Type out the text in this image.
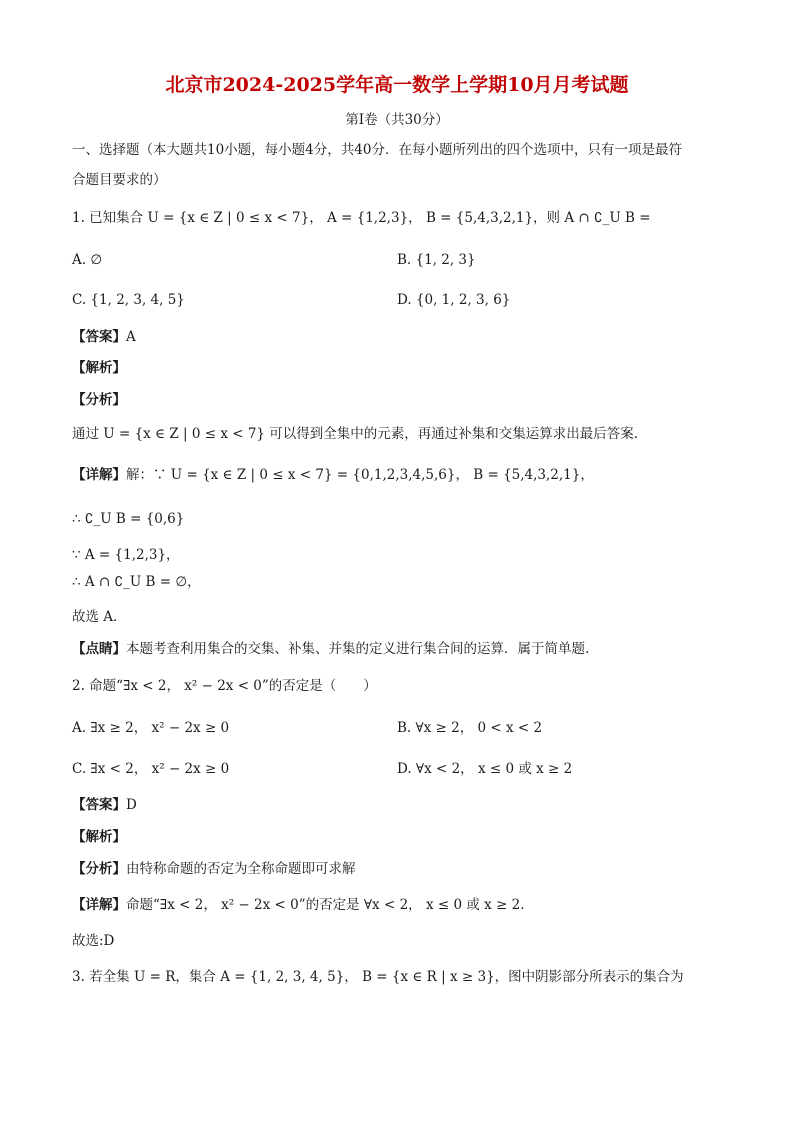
北京市2024-2025学年高一数学上学期10月月考试题
第Ⅰ卷（共30分）
一、选择题（本大题共10小题，每小题4分，共40分．在每小题所列出的四个选项中，只有一项是最符
合题目要求的）
1. 已知集合 U = {x ∈ Z | 0 ≤ x < 7}， A = {1,2,3}， B = {5,4,3,2,1}，则 A ∩ ∁_U B =
A. ∅	B. {1, 2, 3}
C. {1, 2, 3, 4, 5}	D. {0, 1, 2, 3, 6}
【答案】A
【解析】
【分析】
通过 U = {x ∈ Z | 0 ≤ x < 7} 可以得到全集中的元素，再通过补集和交集运算求出最后答案.
【详解】解：∵ U = {x ∈ Z | 0 ≤ x < 7} = {0,1,2,3,4,5,6}， B = {5,4,3,2,1}，
∴ ∁_U B = {0,6}
∵ A = {1,2,3}，
∴ A ∩ ∁_U B = ∅，
故选 A．
【点睛】本题考查利用集合的交集、补集、并集的定义进行集合间的运算．属于简单题.
2. 命题“∃x < 2， x² − 2x < 0”的否定是（　　）
A. ∃x ≥ 2， x² − 2x ≥ 0	B. ∀x ≥ 2， 0 < x < 2
C. ∃x < 2， x² − 2x ≥ 0	D. ∀x < 2， x ≤ 0 或 x ≥ 2
【答案】D
【解析】
【分析】由特称命题的否定为全称命题即可求解
【详解】命题“∃x < 2， x² − 2x < 0”的否定是 ∀x < 2， x ≤ 0 或 x ≥ 2．
故选:D
3. 若全集 U = R，集合 A = {1, 2, 3, 4, 5}， B = {x ∈ R | x ≥ 3}，图中阴影部分所表示的集合为
